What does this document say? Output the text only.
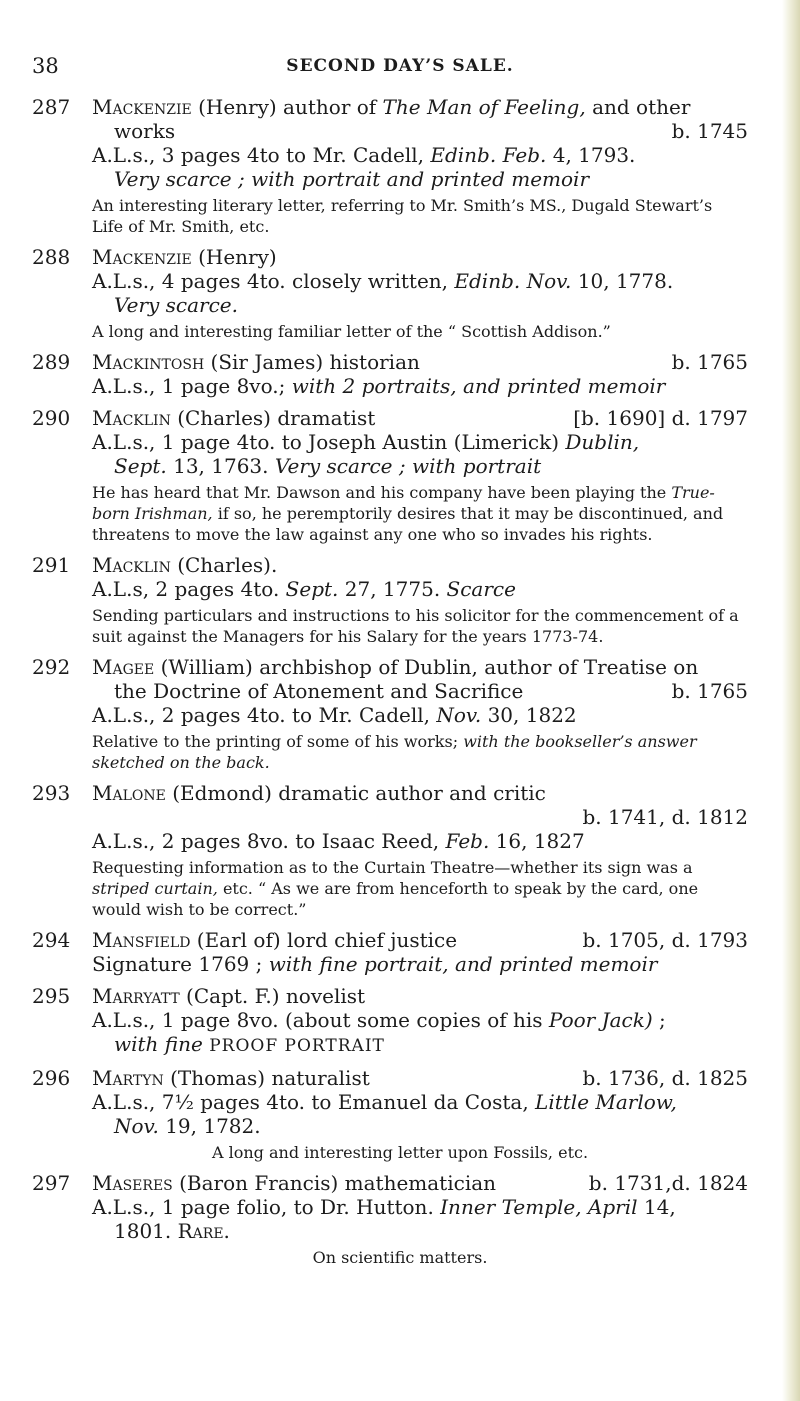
38	SECOND DAY’S SALE.
287	Mackenzie (Henry) author of The Man of Feeling, and other
works	b. 1745
A.L.s., 3 pages 4to to Mr. Cadell, Edinb. Feb. 4, 1793.
Very scarce ; with portrait and printed memoir
An interesting literary letter, referring to Mr. Smith’s MS., Dugald Stewart’s Life of Mr. Smith, etc.
288	Mackenzie (Henry)
A.L.s., 4 pages 4to. closely written, Edinb. Nov. 10, 1778.
Very scarce.
A long and interesting familiar letter of the “ Scottish Addison.”
289 Mackintosh (Sir James) historian	b. 1765
A.L.s., 1 page 8vo.; with 2 portraits, and printed memoir
290 Macklin (Charles) dramatist	[b. 1690] d. 1797
A.L.s., 1 page 4to. to Joseph Austin (Limerick) Dublin,
Sept. 13, 1763. Very scarce ; with portrait
He has heard that Mr. Dawson and his company have been playing the True-born Irishman, if so, he peremptorily desires that it may be discontinued, and threatens to move the law against any one who so invades his rights.
291	Macklin (Charles).
A.L.s, 2 pages 4to. Sept. 27, 1775. Scarce
Sending particulars and instructions to his solicitor for the commencement of a suit against the Managers for his Salary for the years 1773-74.
292	Magee (William) archbishop of Dublin, author of Treatise on
the Doctrine of Atonement and Sacrifice	b. 1765
A.L.s., 2 pages 4to. to Mr. Cadell, Nov. 30, 1822
Relative to the printing of some of his works; with the bookseller’s answer sketched on the back.
293	Malone (Edmond) dramatic author and critic
b. 1741, d. 1812
A.L.s., 2 pages 8vo. to Isaac Reed, Feb. 16, 1827
Requesting information as to the Curtain Theatre—whether its sign was a striped curtain, etc. “ As we are from henceforth to speak by the card, one would wish to be correct.”
294 Mansfield (Earl of) lord chief justice	b. 1705, d. 1793
Signature 1769 ; with fine portrait, and printed memoir
295	Marryatt (Capt. F.) novelist
A.L.s., 1 page 8vo. (about some copies of his Poor Jack) ;
with fine PROOF PORTRAIT
296 Martyn (Thomas) naturalist	b. 1736, d. 1825
A.L.s., 7½ pages 4to. to Emanuel da Costa, Little Marlow,
Nov. 19, 1782.
A long and interesting letter upon Fossils, etc.
297 Maseres (Baron Francis) mathematician	b. 1731,d. 1824
A.L.s., 1 page folio, to Dr. Hutton. Inner Temple, April 14,
1801. Rare.
On scientific matters.
